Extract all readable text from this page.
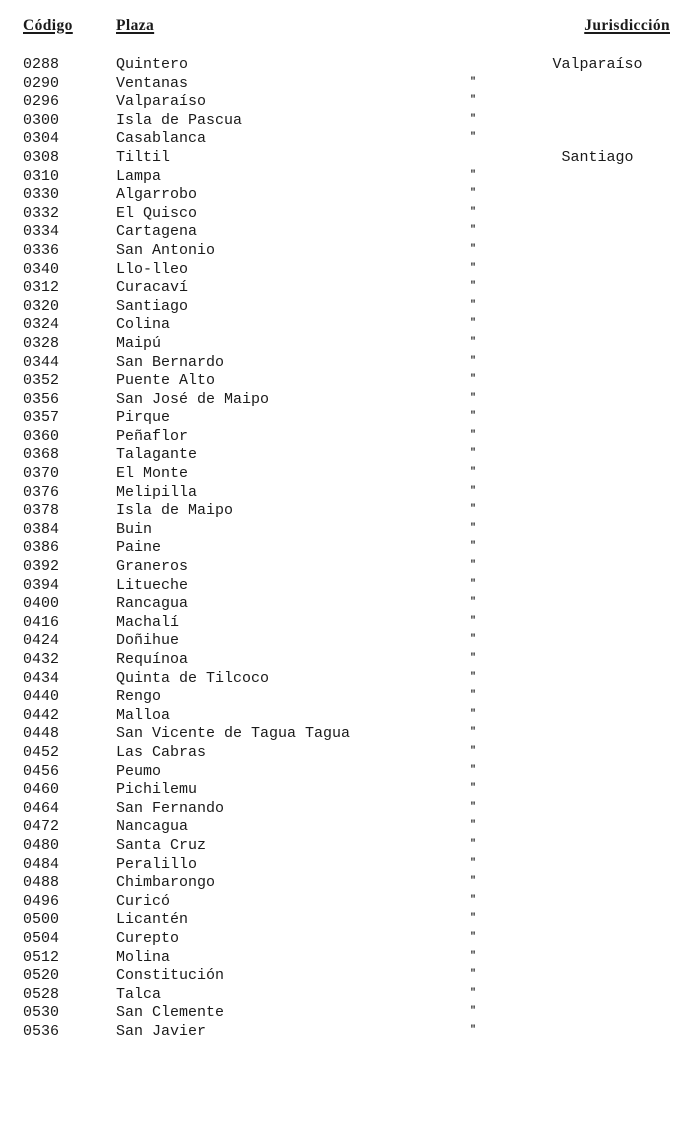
Código	Plaza	Jurisdicción
0288	Quintero	Valparaíso
0290	Ventanas	"
0296	Valparaíso	"
0300	Isla de Pascua	"
0304	Casablanca	"
0308	Tiltil	Santiago
0310	Lampa	"
0330	Algarrobo	"
0332	El Quisco	"
0334	Cartagena	"
0336	San Antonio	"
0340	Llo-lleo	"
0312	Curacaví	"
0320	Santiago	"
0324	Colina	"
0328	Maipú	"
0344	San Bernardo	"
0352	Puente Alto	"
0356	San José de Maipo	"
0357	Pirque	"
0360	Peñaflor	"
0368	Talagante	"
0370	El Monte	"
0376	Melipilla	"
0378	Isla de Maipo	"
0384	Buin	"
0386	Paine	"
0392	Graneros	"
0394	Litueche	"
0400	Rancagua	"
0416	Machalí	"
0424	Doñihue	"
0432	Requínoa	"
0434	Quinta de Tilcoco	"
0440	Rengo	"
0442	Malloa	"
0448	San Vicente de Tagua Tagua	"
0452	Las Cabras	"
0456	Peumo	"
0460	Pichilemu	"
0464	San Fernando	"
0472	Nancagua	"
0480	Santa Cruz	"
0484	Peralillo	"
0488	Chimbarongo	"
0496	Curicó	"
0500	Licantén	"
0504	Curepto	"
0512	Molina	"
0520	Constitución	"
0528	Talca	"
0530	San Clemente	"
0536	San Javier	"
